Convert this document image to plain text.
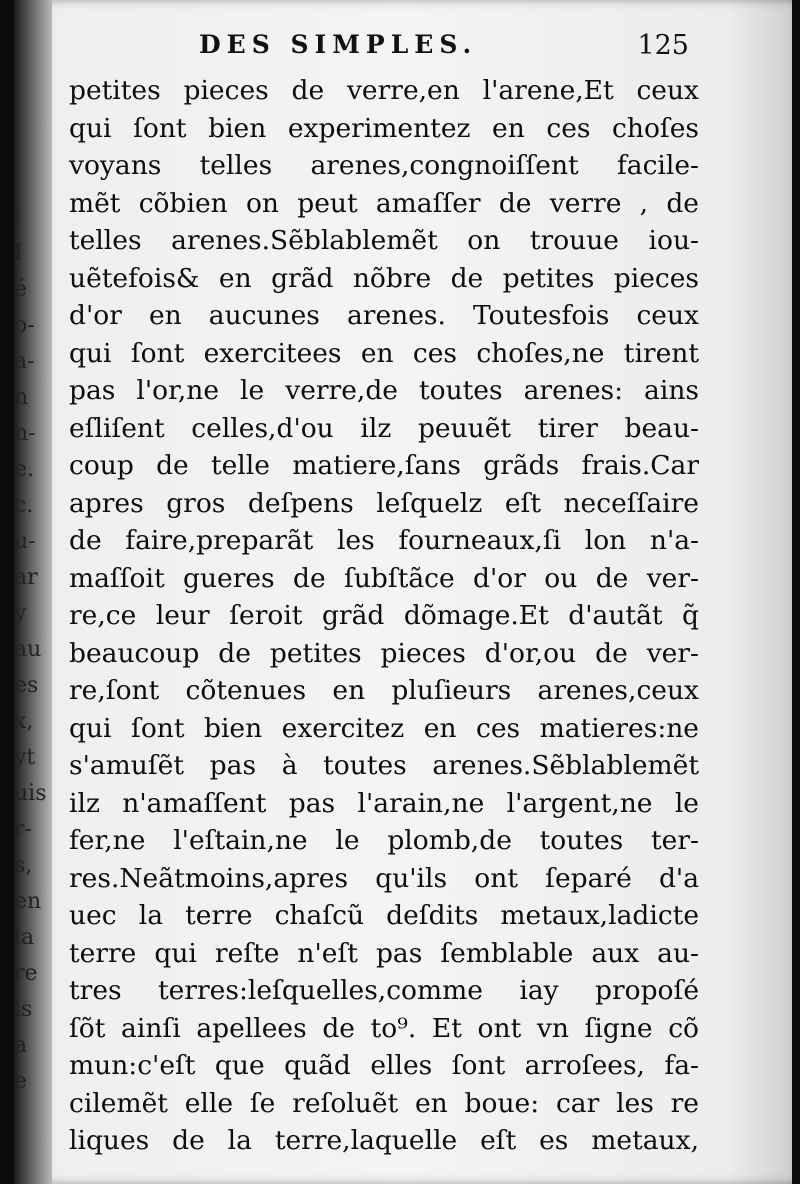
i
I
é
o-
a-
n
n-
e.
c.
u-
ar
y
au
es
x,
yt
uis
r-
s,
en
la
re
ls
a
e
DES SIMPLES.	125
petites pieces de verre,en l'arene,Et ceux
qui ſont bien experimentez en ces choſes
voyans telles arenes,congnoiſſent facile-
mẽt cõbien on peut amaſſer de verre , de
telles arenes.Sẽblablemẽt on trouue iou-
uẽtefois& en grãd nõbre de petites pieces
d'or en aucunes arenes. Toutesfois ceux
qui ſont exercitees en ces choſes,ne tirent
pas l'or,ne le verre,de toutes arenes: ains
eſliſent celles,d'ou ilz peuuẽt tirer beau-
coup de telle matiere,ſans grãds frais.Car
apres gros deſpens leſquelz eſt neceſſaire
de faire,preparãt les fourneaux,ſi lon n'a-
maſſoit gueres de ſubſtãce d'or ou de ver-
re,ce leur ſeroit grãd dõmage.Et d'autãt q̃
beaucoup de petites pieces d'or,ou de ver-
re,ſont cõtenues en pluſieurs arenes,ceux
qui ſont bien exercitez en ces matieres:ne
s'amuſẽt pas à toutes arenes.Sẽblablemẽt
ilz n'amaſſent pas l'arain,ne l'argent,ne le
fer,ne l'eſtain,ne le plomb,de toutes ter-
res.Neãtmoins,apres qu'ils ont ſeparé d'a
uec la terre chaſcũ deſdits metaux,ladicte
terre qui reſte n'eſt pas ſemblable aux au-
tres terres:leſquelles,comme iay propoſé
ſõt ainſi apellees de to⁹. Et ont vn ſigne cõ
mun:c'eſt que quãd elles ſont arroſees, fa-
cilemẽt elle ſe reſoluẽt en boue: car les re
liques de la terre,laquelle eſt es metaux,
